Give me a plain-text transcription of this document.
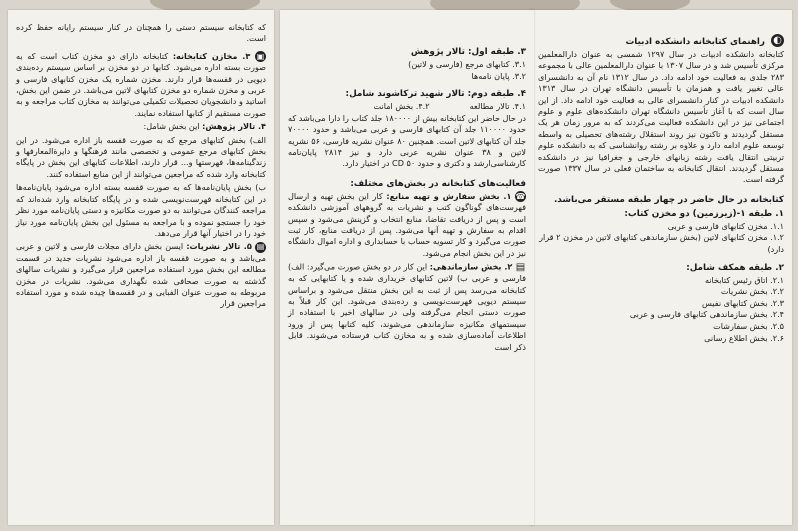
◐
راهنمای کتابخانه دانشکده ادبیات

کتابخانه دانشکده ادبیات در سال ۱۲۹۷ شمسی به عنوان دارالمعلمین مرکزی تأسیس شد و در سال ۱۳۰۷ با عنوان دارالمعلمین عالی با مجموعه ۲۸۳ جلدی به فعالیت خود ادامه داد. در سال ۱۳۱۲ نام آن به دانشسرای عالی تغییر یافت و همزمان با تأسیس دانشگاه تهران در سال ۱۳۱۳ دانشکده ادبیات در کنار دانشسرای عالی به فعالیت خود ادامه داد. از این سال است که با آغاز تأسیس دانشگاه تهران دانشکده‌های علوم و علوم اجتماعی نیز در این دانشکده فعالیت می‌کردند که به مرور زمان هر یک مستقل گردیدند و تاکنون نیز روند استقلال رشته‌های تحصیلی به واسطه توسعه علوم ادامه دارد و علاوه بر رشته روانشناسی که به دانشکده علوم تربیتی انتقال یافت رشته زبانهای خارجی و جغرافیا نیز در دانشکده مستقل گردیدند. انتقال کتابخانه به ساختمان فعلی در سال ۱۳۳۷ صورت گرفته است.

کتابخانه در حال حاضر در چهار طبقه مستقر می‌باشد.
۱. طبقه ۱-(زیرزمین) دو مخزن کتاب:

۱.۱. مخزن کتابهای فارسی و عربی

۱.۲. مخزن کتابهای لاتین (بخش سازماندهی کتابهای لاتین در مخزن ۲ قرار دارد)

۲. طبقه همکف شامل:

۲.۱. اتاق رئیس کتابخانه

۲.۲. بخش نشریات

۲.۳. بخش کتابهای نفیس

۲.۴. بخش سازماندهی کتابهای فارسی و عربی

۲.۵. بخش سفارشات

۲.۶. بخش اطلاع رسانی

۳. طبقه اول: تالار پژوهش

۳.۱. کتابهای مرجع (فارسی و لاتین)

۳.۲. پایان نامه‌ها

۴. طبقه دوم: تالار شهید ترکاشوند شامل:

۴.۱. تالار مطالعه

۴.۲. بخش امانت

در حال حاضر این کتابخانه بیش از ۱۸۰۰۰۰ جلد کتاب را دارا می‌باشد که حدود ۱۱۰۰۰۰ جلد آن کتابهای فارسی و عربی می‌باشد و حدود ۷۰۰۰۰ جلد آن کتابهای لاتین است. همچنین ۸۰ عنوان نشریه فارسی، ۵۶ نشریه لاتین و ۳۸ عنوان نشریه عربی دارد و نیز ۲۸۱۴ پایان‌نامه کارشناسی‌ارشد و دکتری و حدود ۵۰ CD در اختیار دارد.

فعالیت‌های کتابخانه در بخش‌های مختلف:

☎ ۱. بخش سفارش و تهیه منابع: کار این بخش تهیه و ارسال فهرست‌های گوناگون کتب و نشریات به گروههای آموزشی دانشکده است و پس از دریافت تقاضا، منابع انتخاب و گزینش می‌شود و سپس اقدام به سفارش و تهیه آنها می‌شود. پس از دریافت منابع، کار ثبت صورت می‌گیرد و کار تسویه حساب با حسابداری و اداره اموال دانشگاه نیز در این بخش انجام می‌شود.

▤ ۲. بخش سازماندهی: این کار در دو بخش صورت می‌گیرد: الف) فارسی و عربی ب) لاتین کتابهای خریداری شده و یا کتابهایی که به کتابخانه می‌رسد پس از ثبت به این بخش منتقل می‌شود و براساس سیستم دیویی فهرست‌نویسی و رده‌بندی می‌شود. این کار قبلاً به صورت دستی انجام می‌گرفته ولی در سالهای اخیر با استفاده از سیستمهای مکانیزه سازماندهی می‌شوند، کلیه کتابها پس از ورود اطلاعات آماده‌سازی شده و به مخازن کتاب فرستاده می‌شوند. قابل ذکر است

که کتابخانه سیستم دستی را همچنان در کنار سیستم رایانه حفظ کرده است.

▣ ۳. مخازن کتابخانه: کتابخانه دارای دو مخزن کتاب است که به صورت بسته اداره می‌شود. کتابها در دو مخزن بر اساس سیستم رده‌بندی دیویی در قفسه‌ها قرار دارند. مخزن شماره یک مخزن کتابهای فارسی و عربی و مخزن شماره دو مخزن کتابهای لاتین می‌باشد. در ضمن این بخش، اساتید و دانشجویان تحصیلات تکمیلی می‌توانند به مخازن کتاب مراجعه و به صورت مستقیم از کتابها استفاده نمایند.

۴. تالار پژوهش: این بخش شامل:

الف) بخش کتابهای مرجع که به صورت قفسه باز اداره می‌شود. در این بخش کتابهای مرجع عمومی و تخصصی مانند فرهنگها و دایرةالمعارفها و زندگینامه‌ها، فهرستها و... قرار دارند، اطلاعات کتابهای این بخش در پایگاه کتابخانه وارد شده که مراجعین می‌توانند از این منابع استفاده کنند.

ب) بخش پایان‌نامه‌ها که به صورت قفسه بسته اداره می‌شود پایان‌نامه‌ها در این کتابخانه فهرست‌نویسی شده و در پایگاه کتابخانه وارد شده‌اند که مراجعه کنندگان می‌توانند به دو صورت مکانیزه و دستی پایان‌نامه مورد نظر خود را جستجو نموده و با مراجعه به مسئول این بخش پایان‌نامه مورد نیاز خود را در اختیار آنها قرار می‌دهد.

▤ ۵. تالار نشریات: ایسن بخش دارای مجلات فارسی و لاتین و عربی می‌باشد و به صورت قفسه باز اداره می‌شود نشریات جدید در قسمت مطالعه این بخش مورد استفاده مراجعین قرار می‌گیرد و نشریات سالهای گذشته به صورت صحافی شده نگهداری می‌شود. نشریات در مخزن مربوطه به صورت عنوان الفبایی و در قفسه‌ها چیده شده و مورد استفاده مراجعین قرار
